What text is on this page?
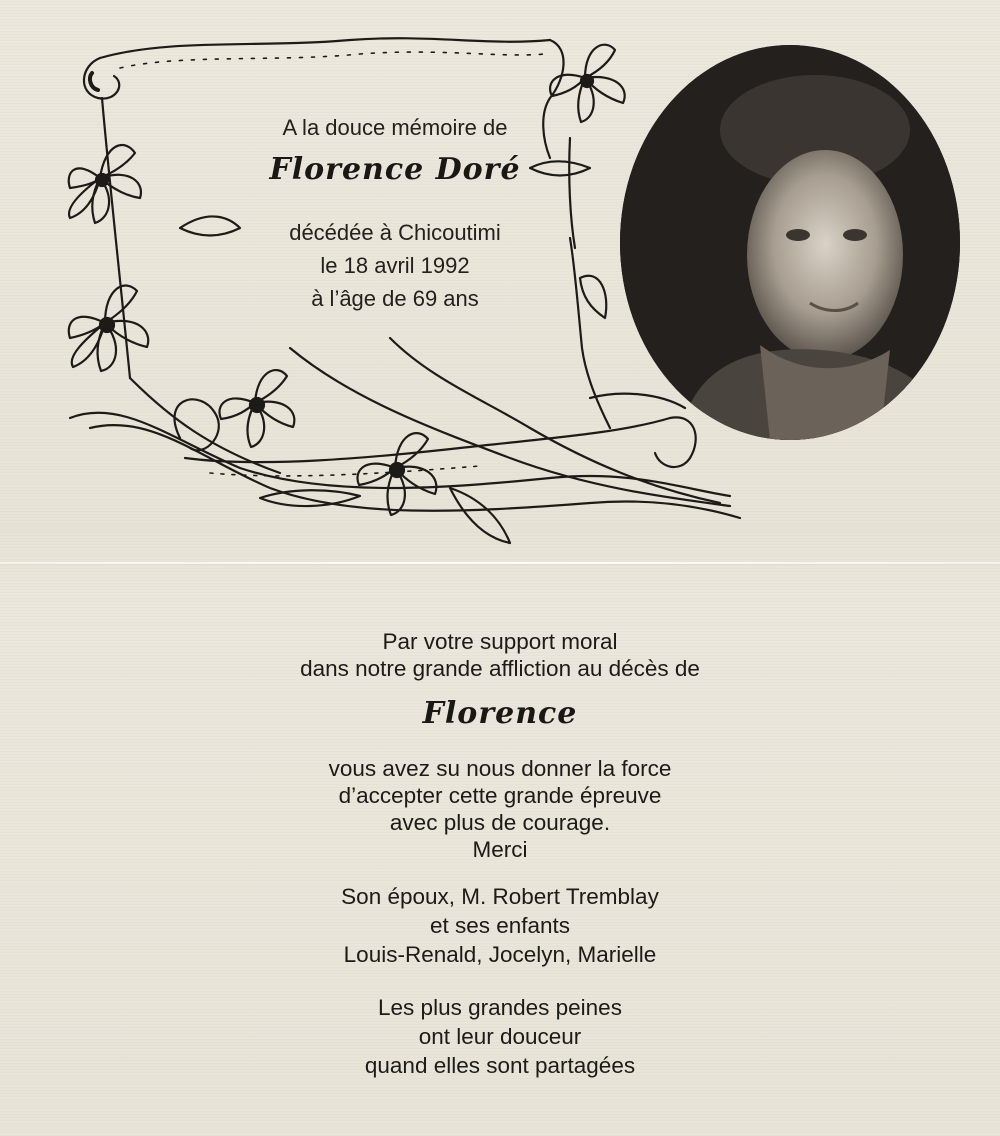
A la douce mémoire de
Florence Doré
décédée à Chicoutimi
le 18 avril 1992
à l’âge de 69 ans
Par votre support moral
dans notre grande affliction au décès de
Florence
vous avez su nous donner la force
d’accepter cette grande épreuve
avec plus de courage.
Merci
Son époux, M. Robert Tremblay
et ses enfants
Louis-Renald, Jocelyn, Marielle
Les plus grandes peines
ont leur douceur
quand elles sont partagées
